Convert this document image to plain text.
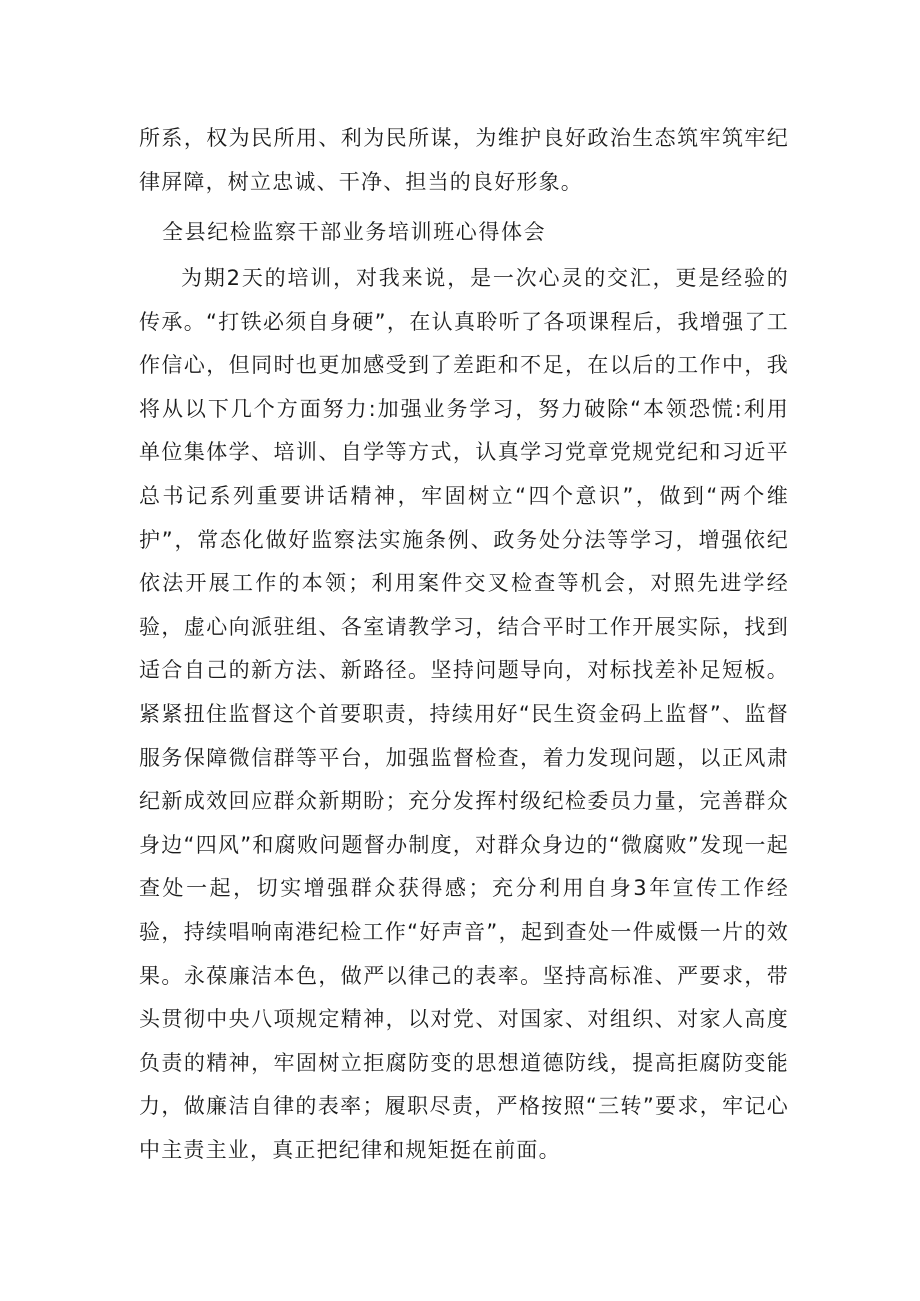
所系，权为民所用、利为民所谋，为维护良好政治生态筑牢筑牢纪律屏障，树立忠诚、干净、担当的良好形象。

全县纪检监察干部业务培训班心得体会

为期2天的培训，对我来说，是一次心灵的交汇，更是经验的传承。“打铁必须自身硬”，在认真聆听了各项课程后，我增强了工作信心，但同时也更加感受到了差距和不足，在以后的工作中，我将从以下几个方面努力:加强业务学习，努力破除“本领恐慌:利用单位集体学、培训、自学等方式，认真学习党章党规党纪和习近平总书记系列重要讲话精神，牢固树立“四个意识”，做到“两个维护”，常态化做好监察法实施条例、政务处分法等学习，增强依纪依法开展工作的本领；利用案件交叉检查等机会，对照先进学经验，虚心向派驻组、各室请教学习，结合平时工作开展实际，找到适合自己的新方法、新路径。坚持问题导向，对标找差补足短板。紧紧扭住监督这个首要职责，持续用好“民生资金码上监督”、监督服务保障微信群等平台，加强监督检查，着力发现问题，以正风肃纪新成效回应群众新期盼；充分发挥村级纪检委员力量，完善群众身边“四风”和腐败问题督办制度，对群众身边的“微腐败”发现一起查处一起，切实增强群众获得感；充分利用自身3年宣传工作经验，持续唱响南港纪检工作“好声音”，起到查处一件威慑一片的效果。永葆廉洁本色，做严以律己的表率。坚持高标准、严要求，带头贯彻中央八项规定精神，以对党、对国家、对组织、对家人高度负责的精神，牢固树立拒腐防变的思想道德防线，提高拒腐防变能力，做廉洁自律的表率；履职尽责，严格按照“三转”要求，牢记心中主责主业，真正把纪律和规矩挺在前面。
